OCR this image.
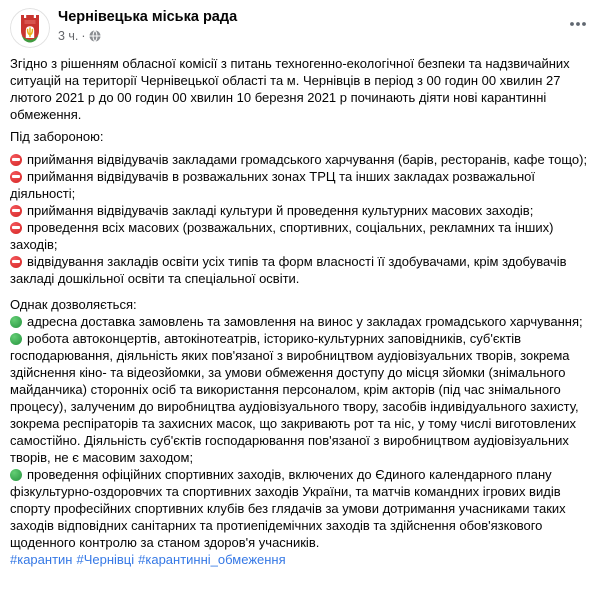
Чернівецька міська рада
3 ч. ·

Згідно з рішенням обласної комісії з питань техногенно-екологічної безпеки та надзвичайних ситуацій на території Чернівецької області та м. Чернівців в період з 00 годин 00 хвилин 27 лютого 2021 р до 00 годин 00 хвилин 10 березня 2021 р починають діяти нові карантинні обмеження.

Під забороною:

приймання відвідувачів закладами громадського харчування (барів, ресторанів, кафе тощо);
приймання відвідувачів в розважальних зонах ТРЦ та інших закладах розважальної діяльності;
приймання відвідувачів закладі культури й проведення культурних масових заходів;
проведення всіх масових (розважальних, спортивних, соціальних, рекламних та інших) заходів;
відвідування закладів освіти усіх типів та форм власності її здобувачами, крім здобувачів закладі дошкільної освіти та спеціальної освіти.

Однак дозволяється:

адресна доставка замовлень та замовлення на винос у закладах громадського харчування;
робота автоконцертів, автокінотеатрів, історико-культурних заповідників, суб'єктів господарювання, діяльність яких пов'язаної з виробництвом аудіовізуальних творів, зокрема здійснення кіно- та відеозйомки, за умови обмеження доступу до місця зйомки (знімального майданчика) сторонніх осіб та використання персоналом, крім акторів (під час знімального процесу), залученим до виробництва аудіовізуального твору, засобів індивідуального захисту, зокрема респіраторів та захисних масок, що закривають рот та ніс, у тому числі виготовлених самостійно. Діяльність суб'єктів господарювання пов'язаної з виробництвом аудіовізуальних творів, не є масовим заходом;
проведення офіційних спортивних заходів, включених до Єдиного календарного плану фізкультурно-оздоровчих та спортивних заходів України, та матчів командних ігрових видів спорту професійних спортивних клубів без глядачів за умови дотримання учасниками таких заходів відповідних санітарних та протиепідемічних заходів та здійснення обов'язкового щоденного контролю за станом здоров'я учасників.
#карантин #Чернівці #карантинні_обмеження
